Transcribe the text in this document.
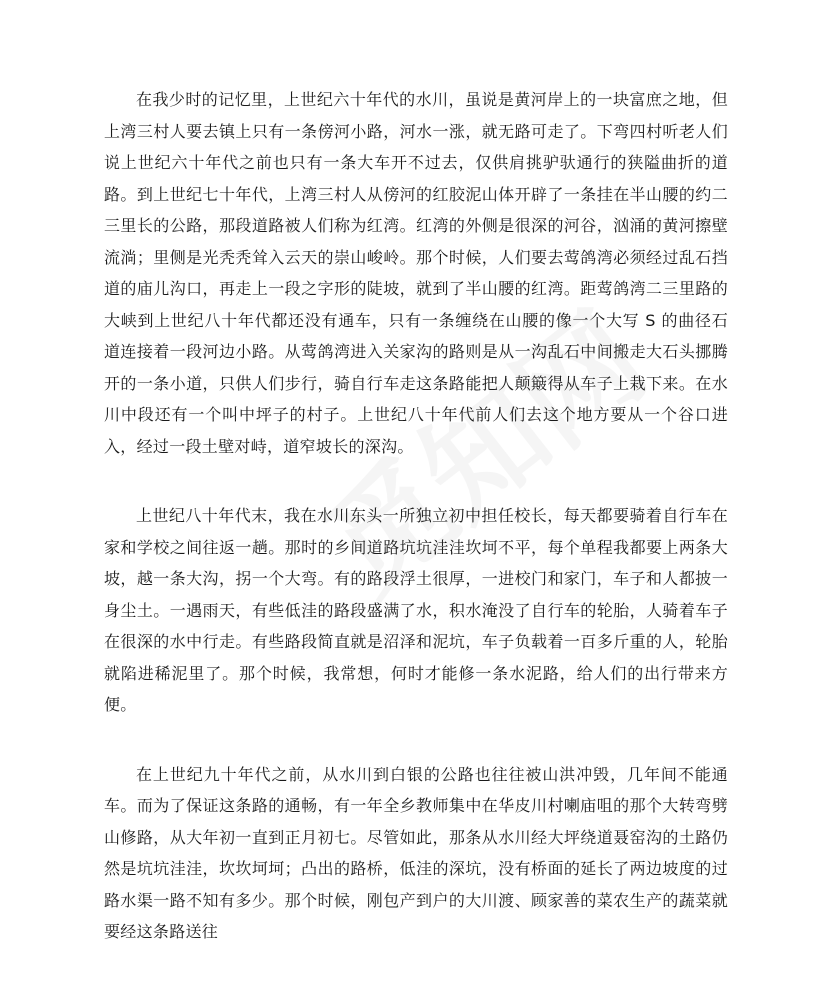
在我少时的记忆里，上世纪六十年代的水川，虽说是黄河岸上的一块富庶之地，但上湾三村人要去镇上只有一条傍河小路，河水一涨，就无路可走了。下弯四村听老人们说上世纪六十年代之前也只有一条大车开不过去，仅供肩挑驴驮通行的狭隘曲折的道路。到上世纪七十年代，上湾三村人从傍河的红胶泥山体开辟了一条挂在半山腰的约二三里长的公路，那段道路被人们称为红湾。红湾的外侧是很深的河谷，汹涌的黄河擦壁流淌；里侧是光秃秃耸入云天的崇山峻岭。那个时候，人们要去莺鸽湾必须经过乱石挡道的庙儿沟口，再走上一段之字形的陡坡，就到了半山腰的红湾。距莺鸽湾二三里路的大峡到上世纪八十年代都还没有通车，只有一条缠绕在山腰的像一个大写 S 的曲径石道连接着一段河边小路。从莺鸽湾进入关家沟的路则是从一沟乱石中间搬走大石头挪腾开的一条小道，只供人们步行，骑自行车走这条路能把人颠簸得从车子上栽下来。在水川中段还有一个叫中坪子的村子。上世纪八十年代前人们去这个地方要从一个谷口进入，经过一段土壁对峙，道窄坡长的深沟。

上世纪八十年代末，我在水川东头一所独立初中担任校长，每天都要骑着自行车在家和学校之间往返一趟。那时的乡间道路坑坑洼洼坎坷不平，每个单程我都要上两条大坡，越一条大沟，拐一个大弯。有的路段浮土很厚，一进校门和家门，车子和人都披一身尘土。一遇雨天，有些低洼的路段盛满了水，积水淹没了自行车的轮胎，人骑着车子在很深的水中行走。有些路段简直就是沼泽和泥坑，车子负载着一百多斤重的人，轮胎就陷进稀泥里了。那个时候，我常想，何时才能修一条水泥路，给人们的出行带来方便。

在上世纪九十年代之前，从水川到白银的公路也往往被山洪冲毁，几年间不能通车。而为了保证这条路的通畅，有一年全乡教师集中在华皮川村喇庙咀的那个大转弯劈山修路，从大年初一直到正月初七。尽管如此，那条从水川经大坪绕道聂窑沟的土路仍然是坑坑洼洼，坎坎坷坷；凸出的路桥，低洼的深坑，没有桥面的延长了两边坡度的过路水渠一路不知有多少。那个时候，刚包产到户的大川渡、顾家善的菜农生产的蔬菜就要经这条路送往
